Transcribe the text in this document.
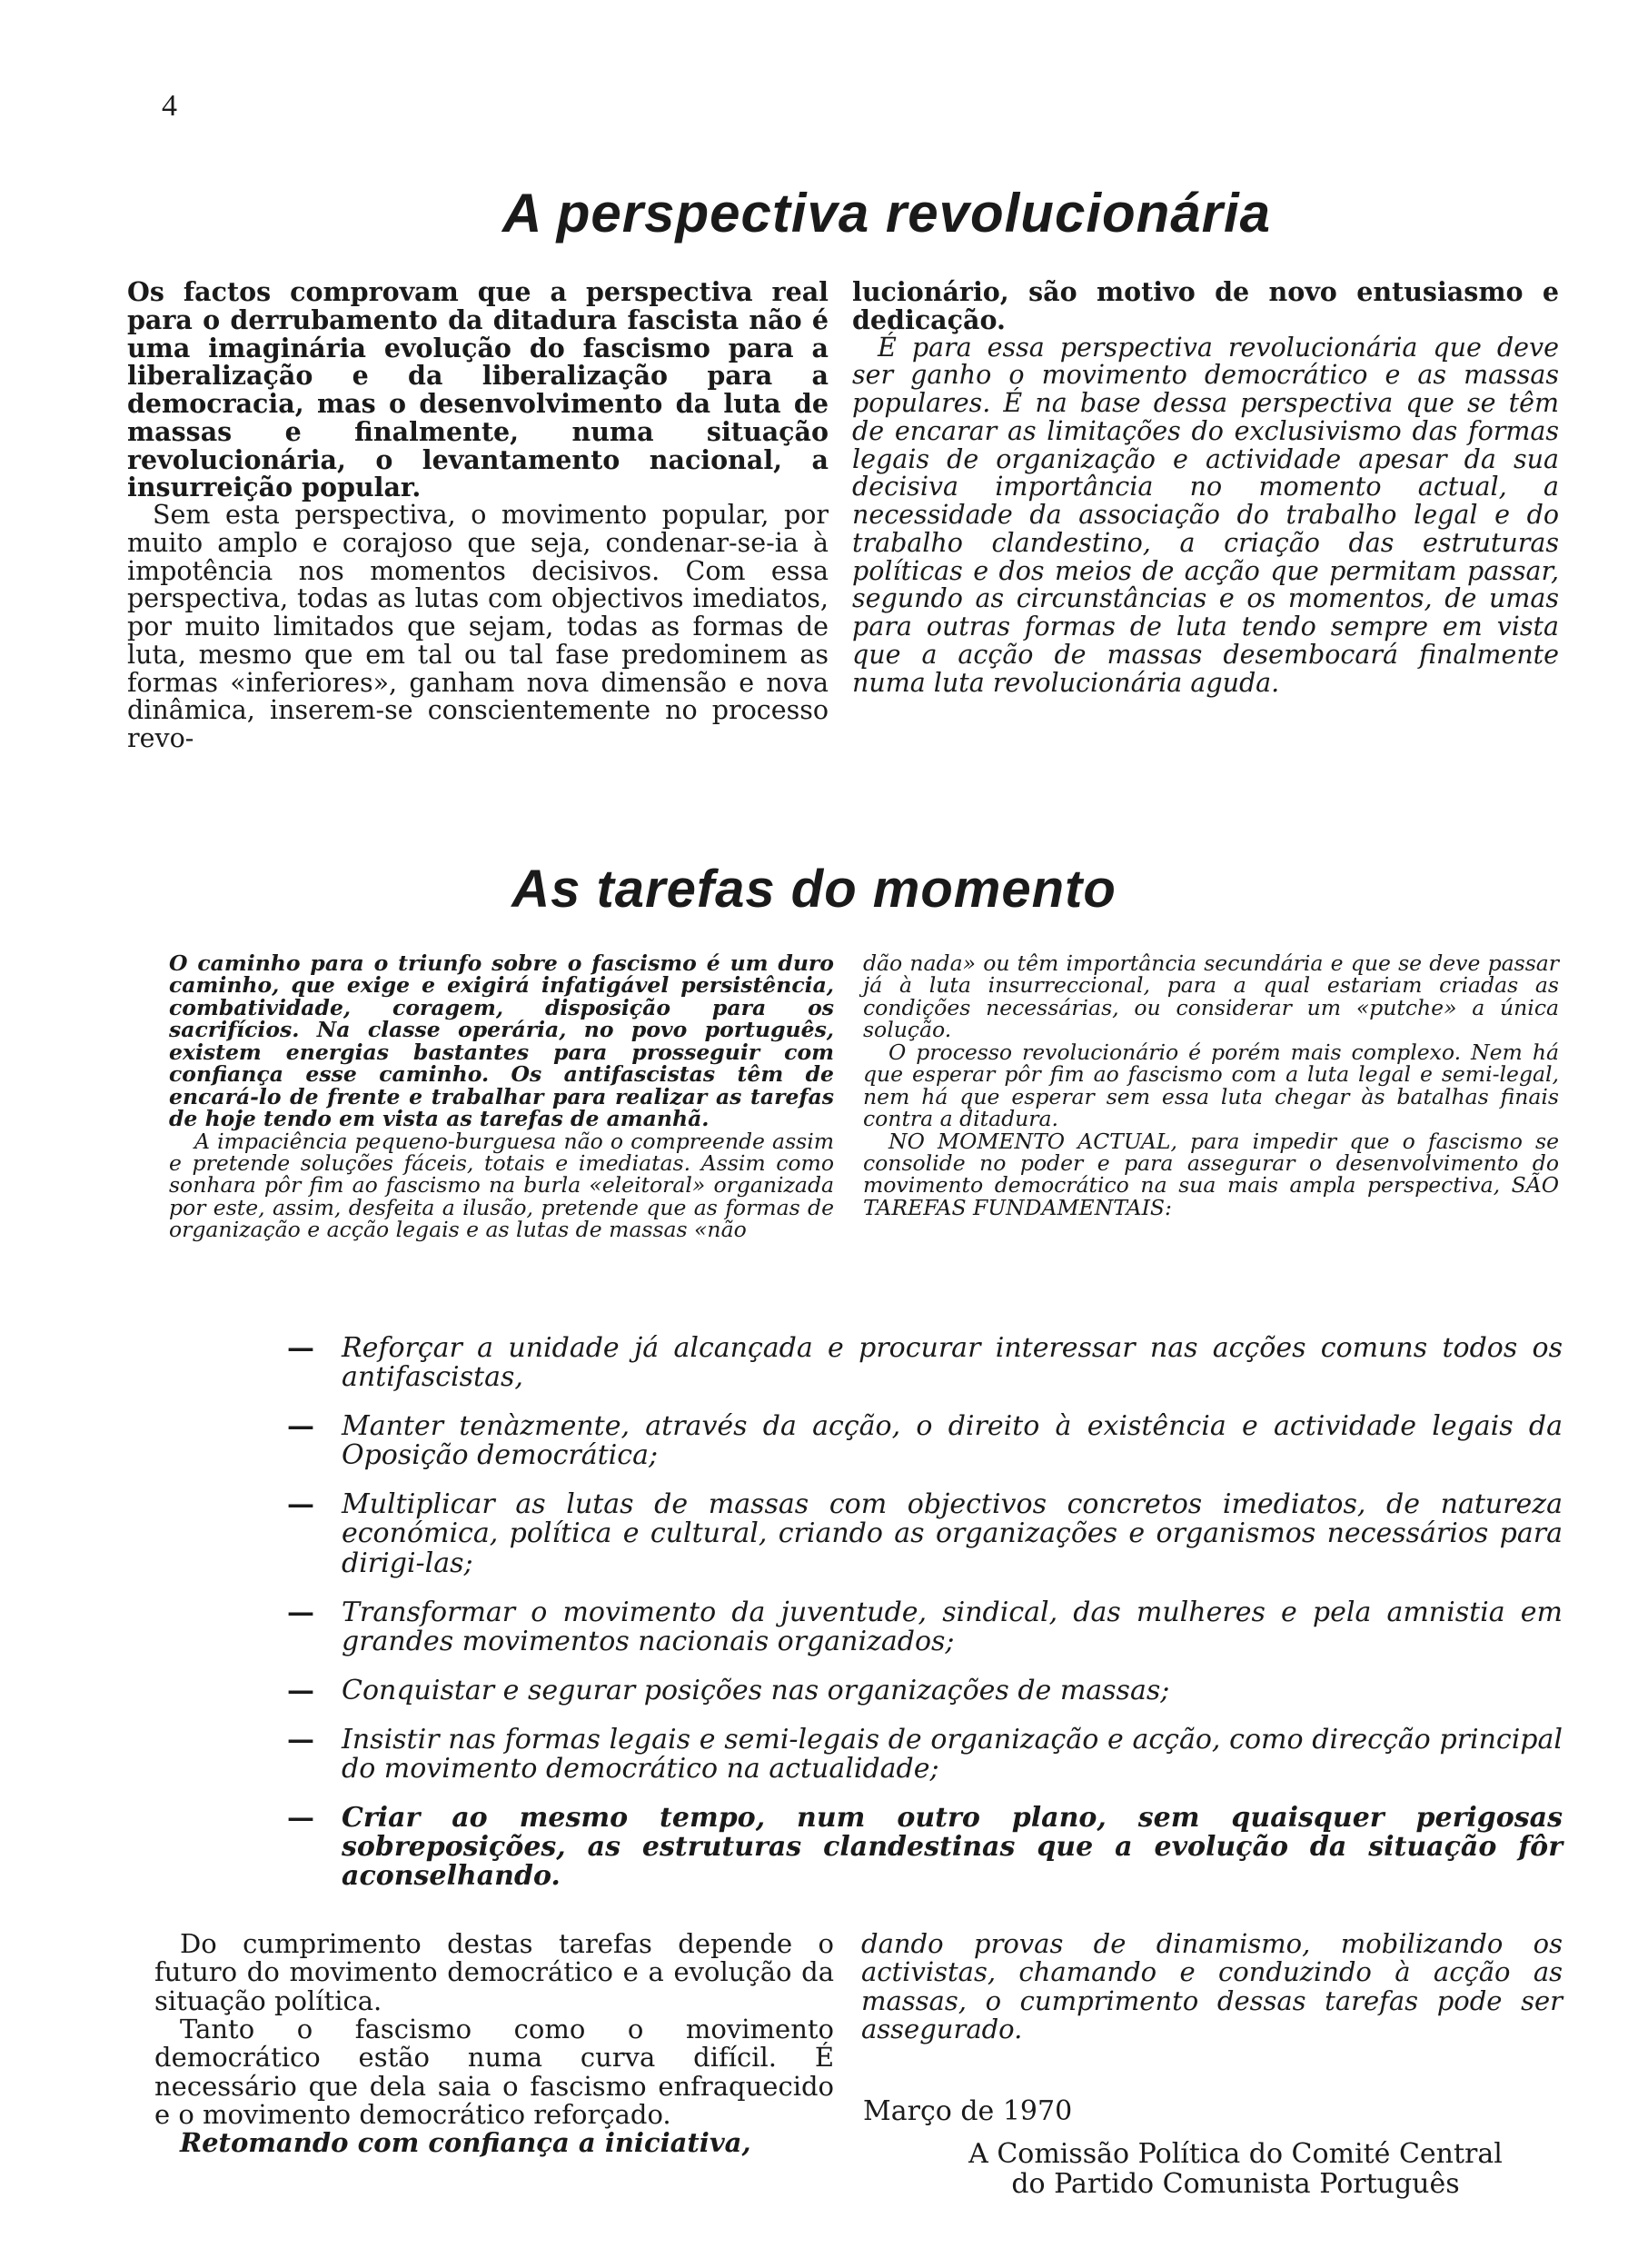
4
A perspectiva revolucionária

Os factos comprovam que a perspectiva real para o derrubamento da ditadura fascista não é uma imaginária evolução do fascismo para a liberalização e da liberalização para a democracia, mas o desenvolvimento da luta de massas e finalmente, numa situação revolucionária, o levantamento nacional, a insurreição popular.

Sem esta perspectiva, o movimento popular, por muito amplo e corajoso que seja, condenar-se-ia à impotência nos momentos decisivos. Com essa perspectiva, todas as lutas com objectivos imediatos, por muito limitados que sejam, todas as formas de luta, mesmo que em tal ou tal fase predominem as formas «inferiores», ganham nova dimensão e nova dinâmica, inserem-se conscientemente no processo revo-

lucionário, são motivo de novo entusiasmo e dedicação.

É para essa perspectiva revolucionária que deve ser ganho o movimento democrático e as massas populares. É na base dessa perspectiva que se têm de encarar as limitações do exclusivismo das formas legais de organização e actividade apesar da sua decisiva importância no momento actual, a necessidade da associação do trabalho legal e do trabalho clandestino, a criação das estruturas políticas e dos meios de acção que permitam passar, segundo as circunstâncias e os momentos, de umas para outras formas de luta tendo sempre em vista que a acção de massas desembocará finalmente numa luta revolucionária aguda.

As tarefas do momento

O caminho para o triunfo sobre o fascismo é um duro caminho, que exige e exigirá infatigável persistência, combatividade, coragem, disposição para os sacrifícios. Na classe operária, no povo português, existem energias bastantes para prosseguir com confiança esse caminho. Os antifascistas têm de encará-lo de frente e trabalhar para realizar as tarefas de hoje tendo em vista as tarefas de amanhã.

A impaciência pequeno-burguesa não o compreende assim e pretende soluções fáceis, totais e imediatas. Assim como sonhara pôr fim ao fascismo na burla «eleitoral» organizada por este, assim, desfeita a ilusão, pretende que as formas de organização e acção legais e as lutas de massas «não

dão nada» ou têm importância secundária e que se deve passar já à luta insurreccional, para a qual estariam criadas as condições necessárias, ou considerar um «putche» a única solução.

O processo revolucionário é porém mais complexo. Nem há que esperar pôr fim ao fascismo com a luta legal e semi-legal, nem há que esperar sem essa luta chegar às batalhas finais contra a ditadura.

NO MOMENTO ACTUAL, para impedir que o fascismo se consolide no poder e para assegurar o desenvolvimento do movimento democrático na sua mais ampla perspectiva, SÃO TAREFAS FUNDAMENTAIS:

— Reforçar a unidade já alcançada e procurar interessar nas acções comuns todos os antifascistas,
— Manter tenàzmente, através da acção, o direito à existência e actividade legais da Oposição democrática;
— Multiplicar as lutas de massas com objectivos concretos imediatos, de natureza económica, política e cultural, criando as organizações e organismos necessários para dirigi-las;
— Transformar o movimento da juventude, sindical, das mulheres e pela amnistia em grandes movimentos nacionais organizados;
— Conquistar e segurar posições nas organizações de massas;
— Insistir nas formas legais e semi-legais de organização e acção, como direcção principal do movimento democrático na actualidade;
— Criar ao mesmo tempo, num outro plano, sem quaisquer perigosas sobreposições, as estruturas clandestinas que a evolução da situação fôr aconselhando.

Do cumprimento destas tarefas depende o futuro do movimento democrático e a evolução da situação política.

Tanto o fascismo como o movimento democrático estão numa curva difícil. É necessário que dela saia o fascismo enfraquecido e o movimento democrático reforçado.

Retomando com confiança a iniciativa,

dando provas de dinamismo, mobilizando os activistas, chamando e conduzindo à acção as massas, o cumprimento dessas tarefas pode ser assegurado.

Março de 1970
A Comissão Política do Comité Central
do Partido Comunista Português
